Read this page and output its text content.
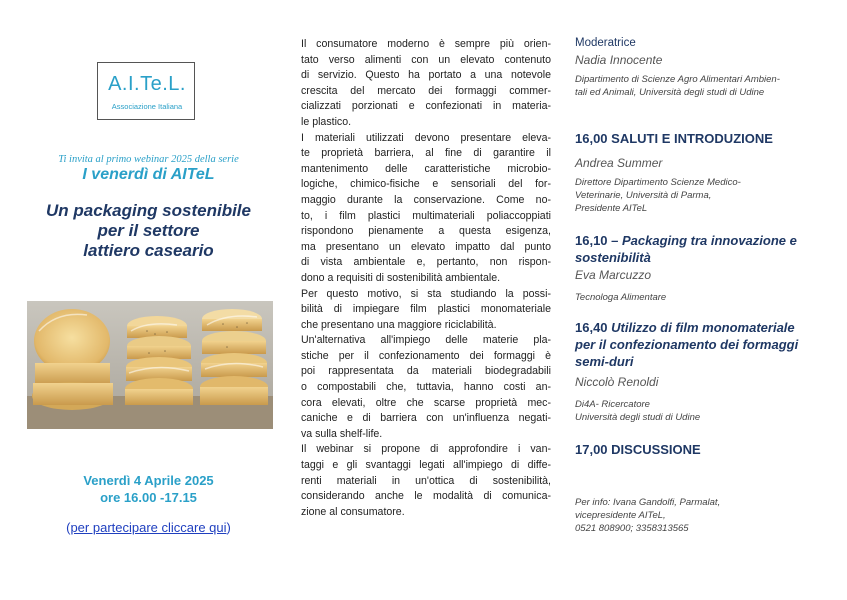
A.I.Te.L.
Associazione Italiana
Ti invita al primo webinar 2025 della serie
I venerdì di AITeL
Un packaging sostenibile
per il settore
lattiero caseario
Venerdì 4 Aprile 2025
ore 16.00 -17.15
(per partecipare cliccare qui)
Il consumatore moderno è sempre più orien-
tato verso alimenti con un elevato contenuto
di servizio. Questo ha portato a una notevole
crescita del mercato dei formaggi commer-
cializzati porzionati e confezionati in materia-
le plastico.
I materiali utilizzati devono presentare eleva-
te proprietà barriera, al fine di garantire il
mantenimento delle caratteristiche microbio-
logiche, chimico-fisiche e sensoriali del for-
maggio durante la conservazione. Come no-
to, i film plastici multimateriali poliaccoppiati
rispondono pienamente a questa esigenza,
ma presentano un elevato impatto dal punto
di vista ambientale e, pertanto, non rispon-
dono a requisiti di sostenibilità ambientale.
Per questo motivo, si sta studiando la possi-
bilità di impiegare film plastici monomateriale
che presentano una maggiore riciclabilità.
Un'alternativa all'impiego delle materie pla-
stiche per il confezionamento dei formaggi è
poi rappresentata da materiali biodegradabili
o compostabili che, tuttavia, hanno costi an-
cora elevati, oltre che scarse proprietà mec-
caniche e di barriera con un'influenza negati-
va sulla shelf-life.
Il webinar si propone di approfondire i van-
taggi e gli svantaggi legati all'impiego di diffe-
renti materiali in un'ottica di sostenibilità,
considerando anche le modalità di comunica-
zione al consumatore.
Moderatrice
Nadia Innocente
Dipartimento di Scienze Agro Alimentari Ambien-
tali ed Animali, Università degli studi di Udine
16,00 SALUTI E INTRODUZIONE
Andrea Summer
Direttore Dipartimento Scienze Medico-
Veterinarie, Università di Parma,
Presidente AITeL
16,10 – Packaging tra innovazione e
sostenibilità
Eva Marcuzzo
Tecnologa Alimentare
16,40 Utilizzo di film monomateriale
per il confezionamento dei formaggi
semi-duri
Niccolò Renoldi
Di4A- Ricercatore
Università degli studi di Udine
17,00 DISCUSSIONE
Per info: Ivana Gandolfi, Parmalat,
vicepresidente AITeL,
0521 808900; 3358313565
